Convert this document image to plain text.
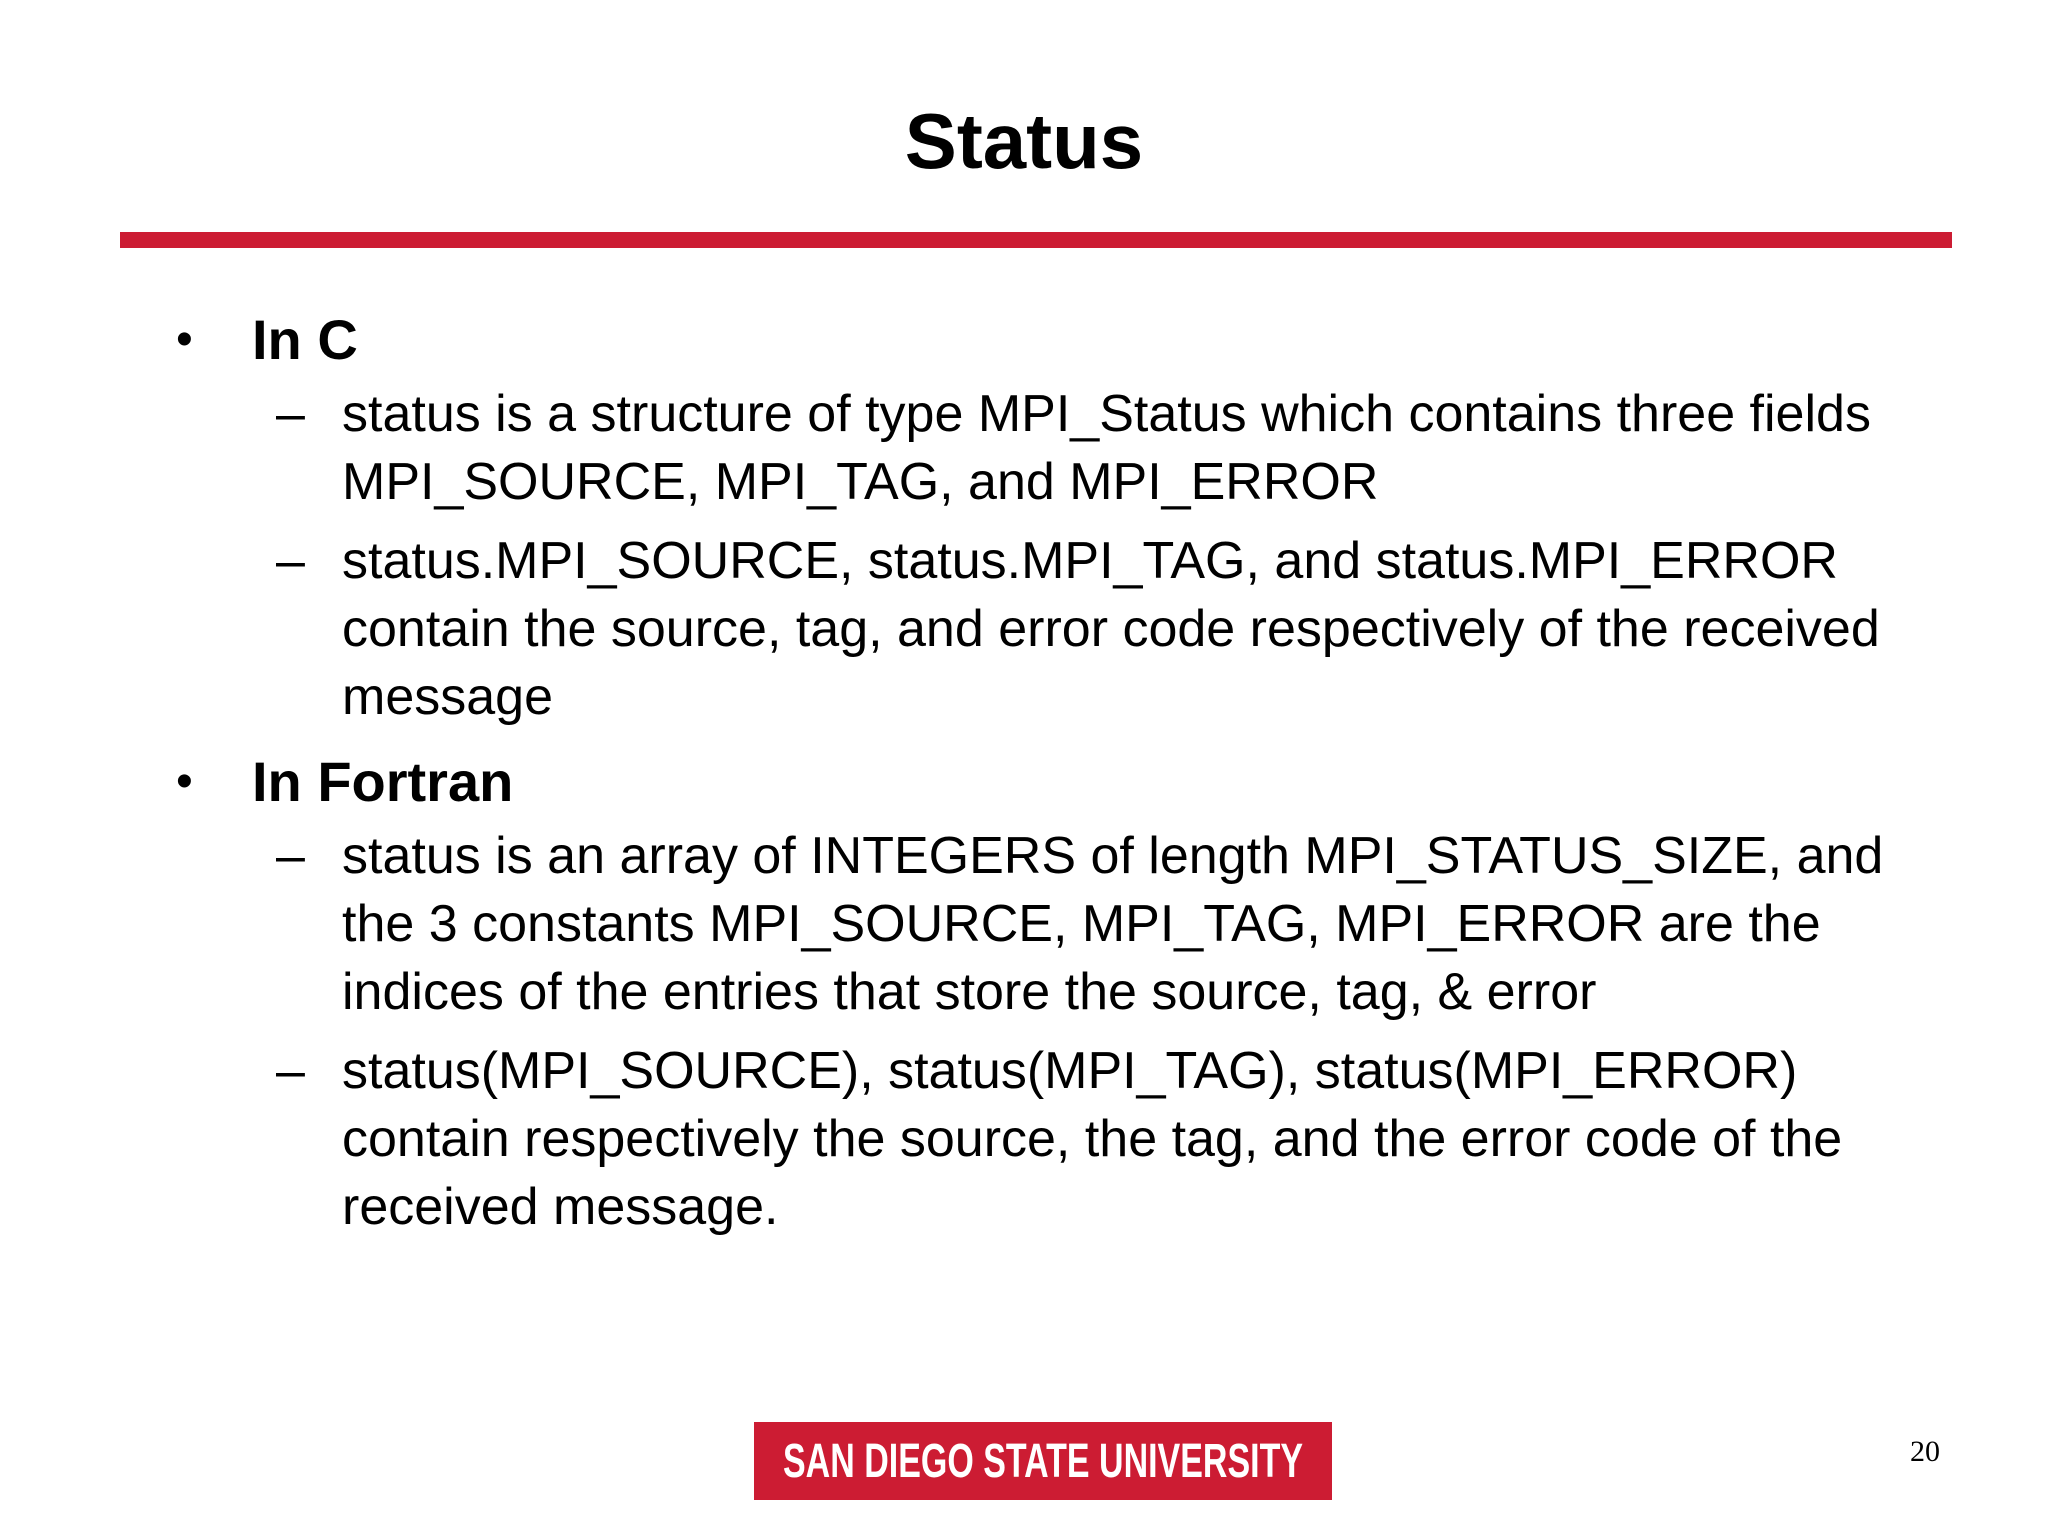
Status
• In C
– status is a structure of type MPI_Status which contains three fields MPI_SOURCE, MPI_TAG, and MPI_ERROR
– status.MPI_SOURCE, status.MPI_TAG, and status.MPI_ERROR contain the source, tag, and error code respectively of the received message
• In Fortran
– status is an array of INTEGERS of length MPI_STATUS_SIZE, and the 3 constants MPI_SOURCE, MPI_TAG, MPI_ERROR are the indices of the entries that store the source, tag, & error
– status(MPI_SOURCE), status(MPI_TAG), status(MPI_ERROR) contain respectively the source, the tag, and the error code of the received message.
SAN DIEGO STATE UNIVERSITY	20
